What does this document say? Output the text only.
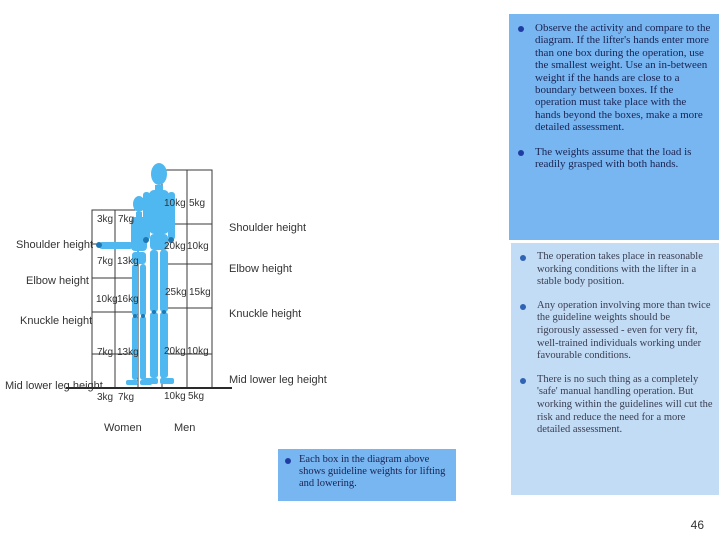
3kg 7kg
7kg 13kg
10kg 16kg
7kg 13kg
3kg 7kg
10kg 5kg
20kg 10kg
25kg 15kg
20kg 10kg
10kg 5kg
Shoulder height
Elbow height
Knuckle height
Mid lower leg height
Shoulder height
Elbow height
Knuckle height
Mid lower leg height
Women	Men
Observe the activity and compare to the diagram. If the lifter's hands enter more than one box during the operation, use the smallest weight. Use an in-between weight if the hands are close to a boundary between boxes. If the operation must take place with the hands beyond the boxes, make a more detailed assessment.
The weights assume that the load is readily grasped with both hands.
The operation takes place in reasonable working conditions with the lifter in a stable body position.
Any operation involving more than twice the guideline weights should be rigorously assessed - even for very fit, well-trained individuals working under favourable conditions.
There is no such thing as a completely 'safe' manual handling operation. But working within the guidelines will cut the risk and reduce the need for a more detailed assessment.
Each box in the diagram above shows guideline weights for lifting and lowering.
46
